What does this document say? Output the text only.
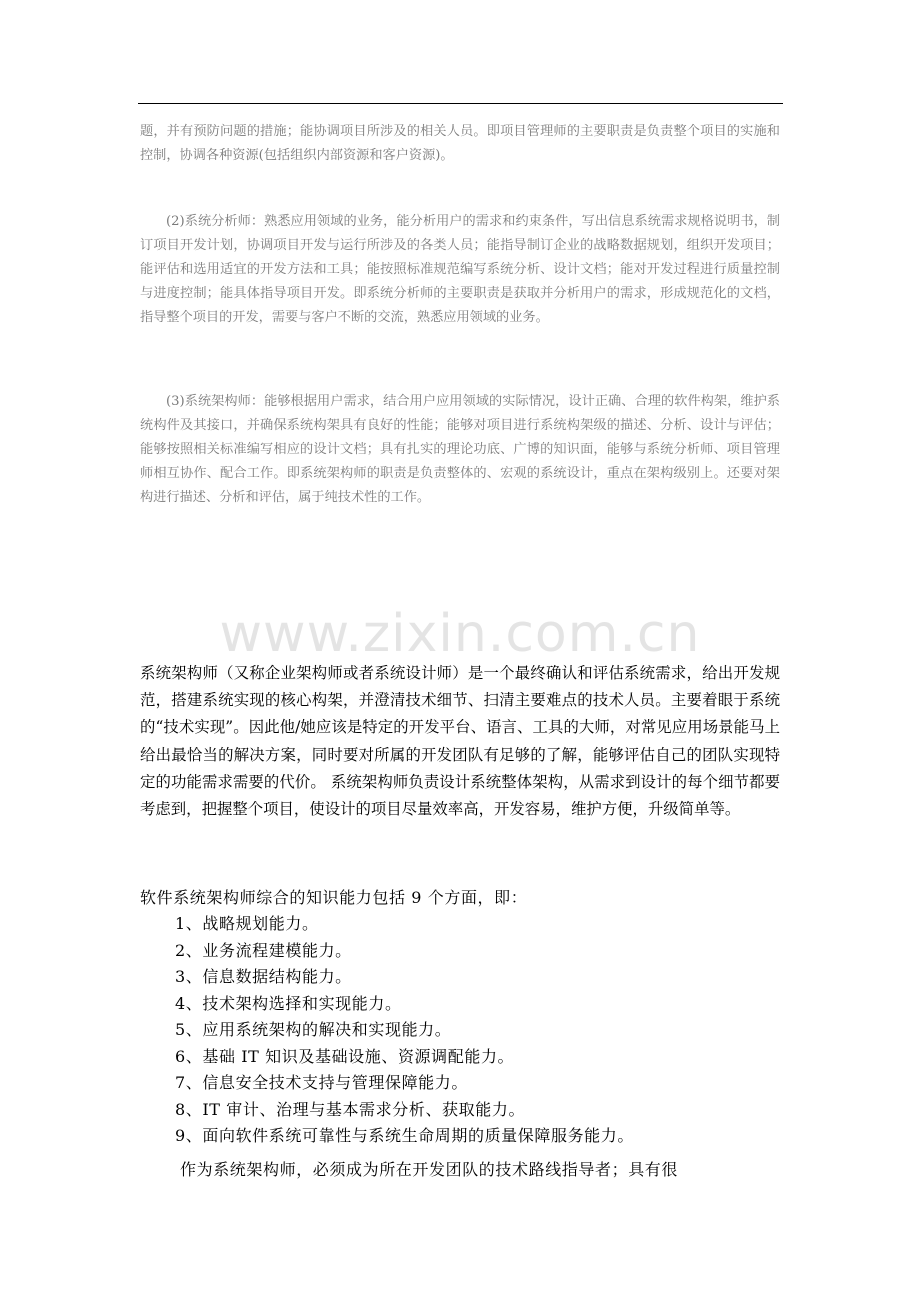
题，并有预防问题的措施；能协调项目所涉及的相关人员。即项目管理师的主要职责是负责整个项目的实施和控制，协调各种资源(包括组织内部资源和客户资源)。

(2)系统分析师：熟悉应用领域的业务，能分析用户的需求和约束条件，写出信息系统需求规格说明书，制订项目开发计划，协调项目开发与运行所涉及的各类人员；能指导制订企业的战略数据规划，组织开发项目；能评估和选用适宜的开发方法和工具；能按照标准规范编写系统分析、设计文档；能对开发过程进行质量控制与进度控制；能具体指导项目开发。即系统分析师的主要职责是获取并分析用户的需求，形成规范化的文档，指导整个项目的开发，需要与客户不断的交流，熟悉应用领域的业务。

(3)系统架构师：能够根据用户需求，结合用户应用领域的实际情况，设计正确、合理的软件构架，维护系统构件及其接口，并确保系统构架具有良好的性能；能够对项目进行系统构架级的描述、分析、设计与评估；能够按照相关标准编写相应的设计文档；具有扎实的理论功底、广博的知识面，能够与系统分析师、项目管理师相互协作、配合工作。即系统架构师的职责是负责整体的、宏观的系统设计，重点在架构级别上。还要对架构进行描述、分析和评估，属于纯技术性的工作。

www.zixin.com.cn

系统架构师（又称企业架构师或者系统设计师）是一个最终确认和评估系统需求，给出开发规范，搭建系统实现的核心构架，并澄清技术细节、扫清主要难点的技术人员。主要着眼于系统的“技术实现”。因此他/她应该是特定的开发平台、语言、工具的大师，对常见应用场景能马上给出最恰当的解决方案，同时要对所属的开发团队有足够的了解，能够评估自己的团队实现特定的功能需求需要的代价。 系统架构师负责设计系统整体架构，从需求到设计的每个细节都要考虑到，把握整个项目，使设计的项目尽量效率高，开发容易，维护方便，升级简单等。

软件系统架构师综合的知识能力包括 9 个方面，即：

1、战略规划能力。
2、业务流程建模能力。
3、信息数据结构能力。
4、技术架构选择和实现能力。
5、应用系统架构的解决和实现能力。
6、基础 IT 知识及基础设施、资源调配能力。
7、信息安全技术支持与管理保障能力。
8、IT 审计、治理与基本需求分析、获取能力。
9、面向软件系统可靠性与系统生命周期的质量保障服务能力。

作为系统架构师，必须成为所在开发团队的技术路线指导者；具有很
